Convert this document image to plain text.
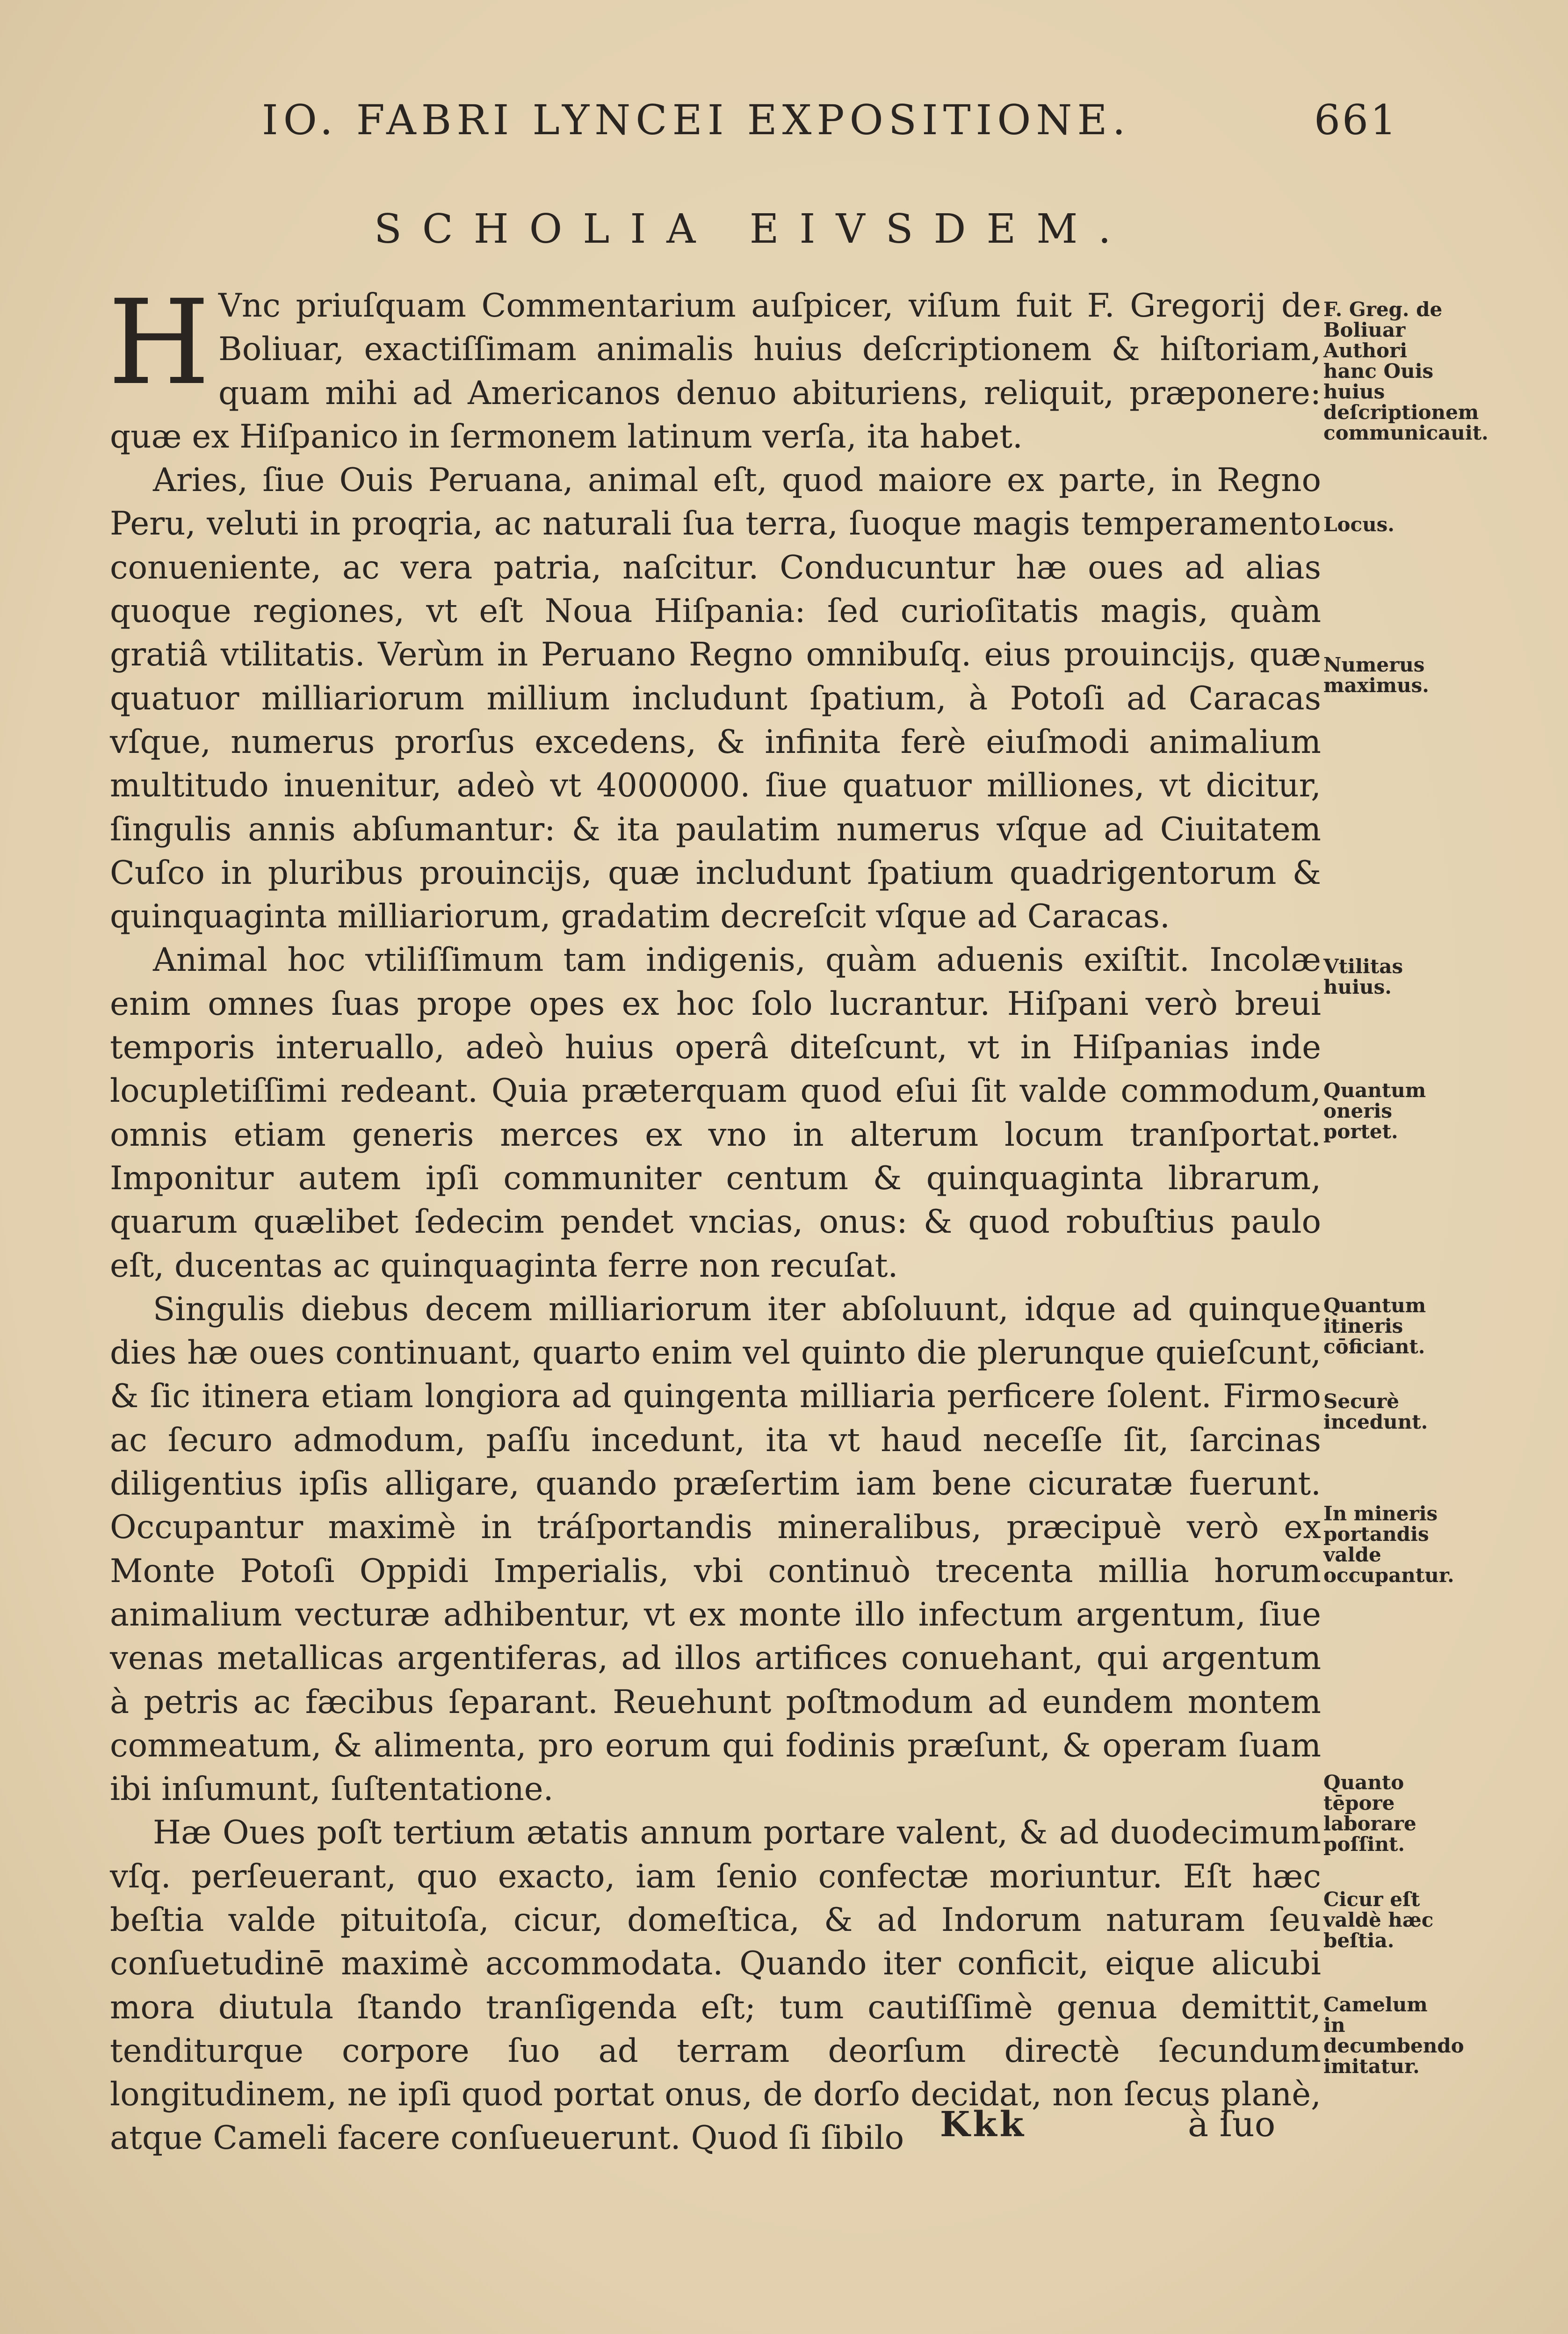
IO. FABRI LYNCEI EXPOSITIONE.	661
SCHOLIA EIVSDEM.

H Vnc priuſquam Commentarium auſpicer, viſum fuit F. Gregorij de Boliuar, exactiſſimam animalis huius deſcriptionem & hiſtoriam, quam mihi ad Americanos denuo abituriens, reliquit, præponere: quæ ex Hiſpanico in ſermonem latinum verſa, ita habet.

Aries, ſiue Ouis Peruana, animal eſt, quod maiore ex parte, in Regno Peru, veluti in proqria, ac naturali ſua terra, ſuoque magis temperamento conueniente, ac vera patria, naſcitur. Conducuntur hæ oues ad alias quoque regiones, vt eſt Noua Hiſpania: ſed curioſitatis magis, quàm gratiâ vtilitatis. Verùm in Peruano Regno omnibuſq. eius prouincijs, quæ quatuor milliariorum millium includunt ſpatium, à Potoſi ad Caracas vſque, numerus prorſus excedens, & infinita ferè eiuſmodi animalium multitudo inuenitur, adeò vt 4000000. ſiue quatuor milliones, vt dicitur, ſingulis annis abſumantur: & ita paulatim numerus vſque ad Ciuitatem Cuſco in pluribus prouincijs, quæ includunt ſpatium quadrigentorum & quinquaginta milliariorum, gradatim decreſcit vſque ad Caracas.

Animal hoc vtiliſſimum tam indigenis, quàm aduenis exiſtit. Incolæ enim omnes ſuas prope opes ex hoc ſolo lucrantur. Hiſpani verò breui temporis interuallo, adeò huius operâ diteſcunt, vt in Hiſpanias inde locupletiſſimi redeant. Quia præterquam quod eſui ſit valde commodum, omnis etiam generis merces ex vno in alterum locum tranſportat. Imponitur autem ipſi communiter centum & quinquaginta librarum, quarum quælibet ſedecim pendet vncias, onus: & quod robuſtius paulo eſt, ducentas ac quinquaginta ferre non recuſat.

Singulis diebus decem milliariorum iter abſoluunt, idque ad quinque dies hæ oues continuant, quarto enim vel quinto die plerunque quieſcunt, & ſic itinera etiam longiora ad quingenta milliaria perficere ſolent. Firmo ac ſecuro admodum, paſſu incedunt, ita vt haud neceſſe ſit, ſarcinas diligentius ipſis alligare, quando præſertim iam bene cicuratæ fuerunt. Occupantur maximè in tráſportandis mineralibus, præcipuè verò ex Monte Potoſi Oppidi Imperialis, vbi continuò trecenta millia horum animalium vecturæ adhibentur, vt ex monte illo infectum argentum, ſiue venas metallicas argentiferas, ad illos artifices conuehant, qui argentum à petris ac fæcibus ſeparant. Reuehunt poſtmodum ad eundem montem commeatum, & alimenta, pro eorum qui fodinis præſunt, & operam ſuam ibi inſumunt, ſuſtentatione.

Hæ Oues poſt tertium ætatis annum portare valent, & ad duodecimum vſq. perſeuerant, quo exacto, iam ſenio confectæ moriuntur. Eſt hæc beſtia valde pituitoſa, cicur, domeſtica, & ad Indorum naturam ſeu conſuetudinē maximè accommodata. Quando iter conficit, eique alicubi mora diutula ſtando tranſigenda eſt; tum cautiſſimè genua demittit, tenditurque corpore ſuo ad terram deorſum directè ſecundum longitudinem, ne ipſi quod portat onus, de dorſo decidat, non ſecus planè, atque Cameli facere conſueuerunt. Quod ſi ſibilo

F. Greg. de Boliuar Authori hanc Ouis huius deſcriptionem communicauit.
Locus.
Numerus maximus.
Vtilitas huius.
Quantum oneris portet.
Quantum itineris cōficiant.
Securè incedunt.
In mineris portandis valde occupantur.
Quanto tēpore laborare poſſint.
Cicur eſt valdè hæc beſtia.
Camelum in decumbendo imitatur.
Kkk	à ſuo
